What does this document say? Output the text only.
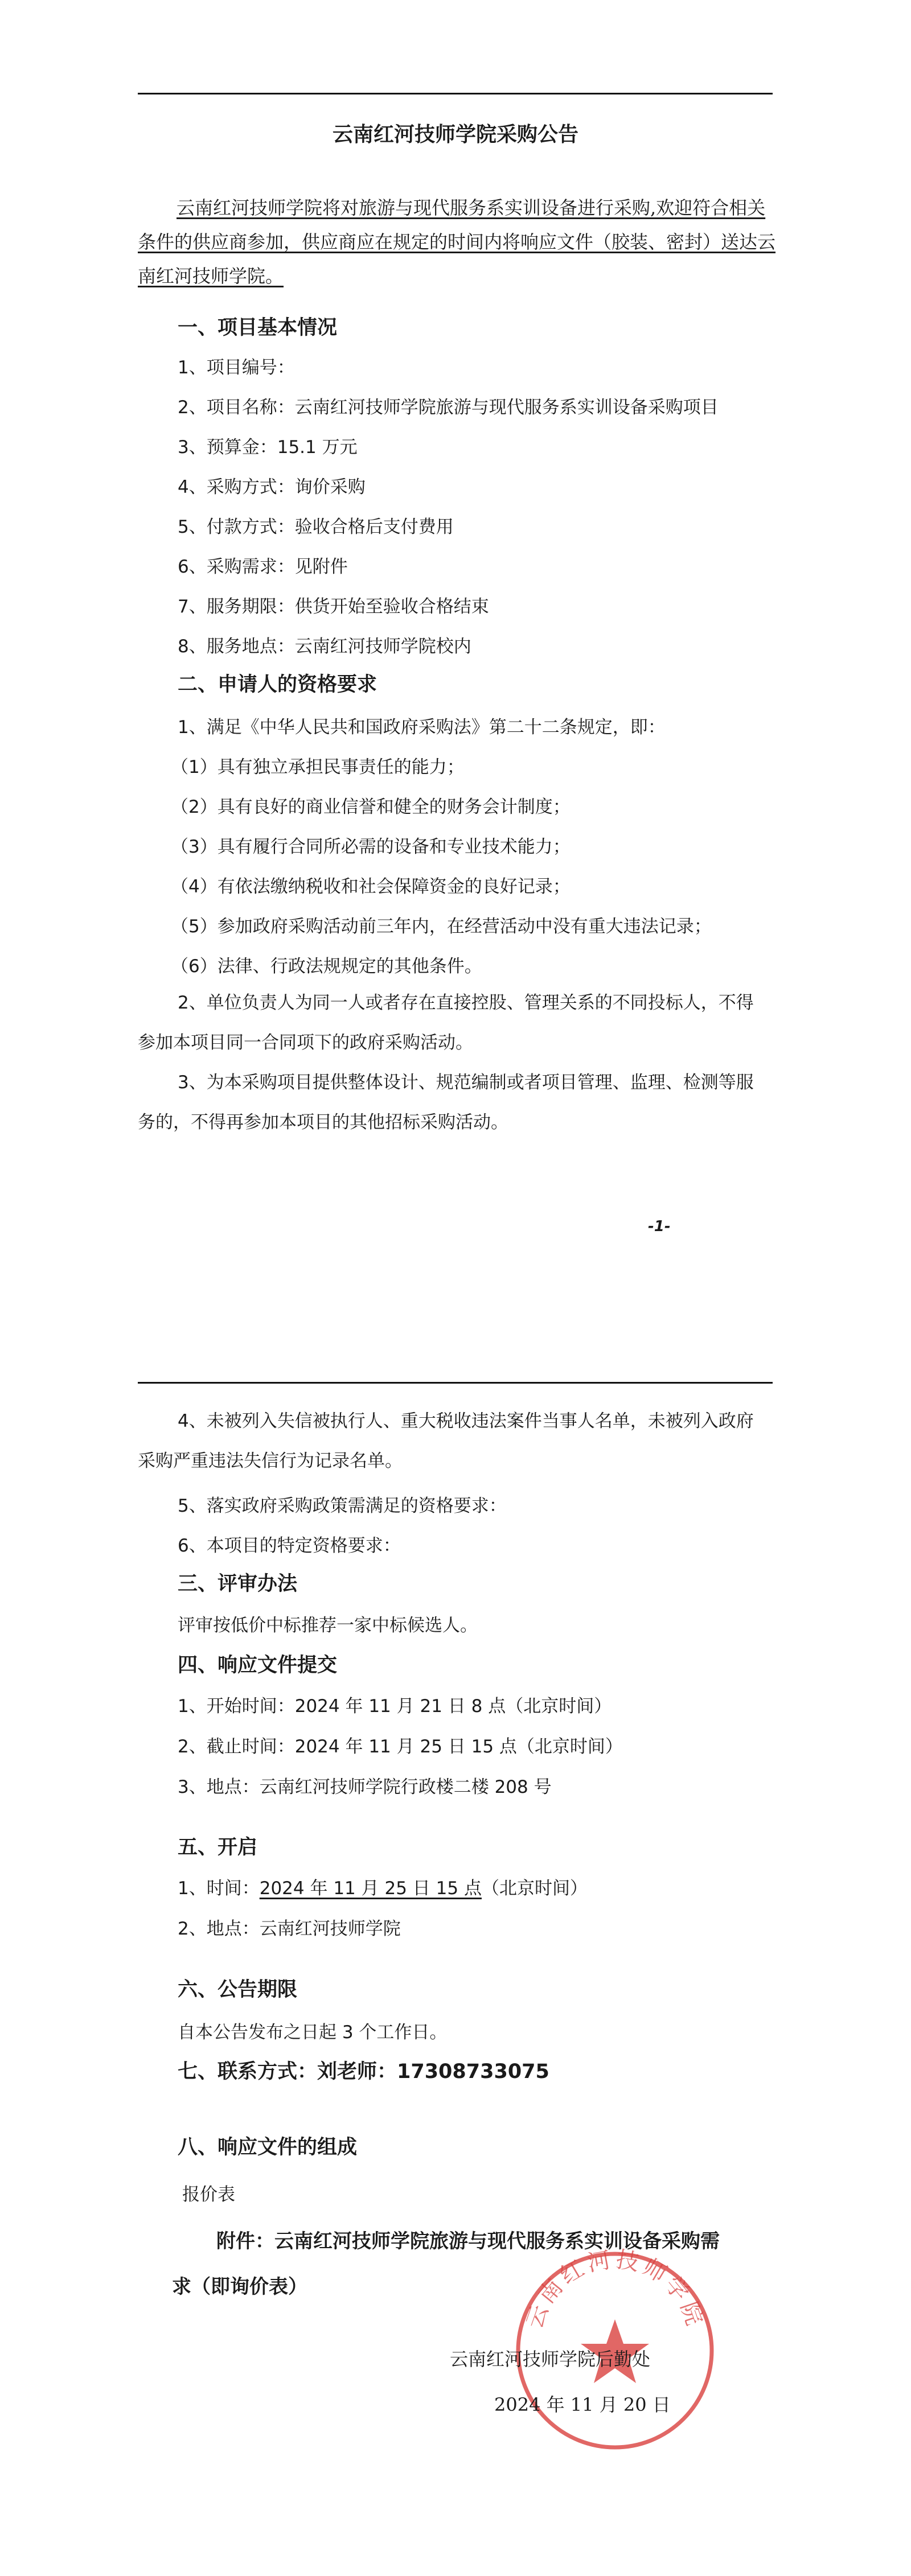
云南红河技师学院采购公告
云南红河技师学院将对旅游与现代服务系实训设备进行采购,欢迎符合相关
条件的供应商参加，供应商应在规定的时间内将响应文件（胶装、密封）送达云
南红河技师学院。
一、项目基本情况
1、项目编号：
2、项目名称：云南红河技师学院旅游与现代服务系实训设备采购项目
3、预算金：15.1 万元
4、采购方式：询价采购
5、付款方式：验收合格后支付费用
6、采购需求：见附件
7、服务期限：供货开始至验收合格结束
8、服务地点：云南红河技师学院校内
二、申请人的资格要求
1、满足《中华人民共和国政府采购法》第二十二条规定，即：
（1）具有独立承担民事责任的能力；
（2）具有良好的商业信誉和健全的财务会计制度；
（3）具有履行合同所必需的设备和专业技术能力；
（4）有依法缴纳税收和社会保障资金的良好记录；
（5）参加政府采购活动前三年内，在经营活动中没有重大违法记录；
（6）法律、行政法规规定的其他条件。
2、单位负责人为同一人或者存在直接控股、管理关系的不同投标人，不得
参加本项目同一合同项下的政府采购活动。
3、为本采购项目提供整体设计、规范编制或者项目管理、监理、检测等服
务的，不得再参加本项目的其他招标采购活动。
-1-
4、未被列入失信被执行人、重大税收违法案件当事人名单，未被列入政府
采购严重违法失信行为记录名单。
5、落实政府采购政策需满足的资格要求：
6、本项目的特定资格要求：
三、评审办法
评审按低价中标推荐一家中标候选人。
四、响应文件提交
1、开始时间：2024 年 11 月 21 日 8 点（北京时间）
2、截止时间：2024 年 11 月 25 日 15 点（北京时间）
3、地点：云南红河技师学院行政楼二楼 208 号
五、开启
1、时间：2024 年 11 月 25 日 15 点（北京时间）
2、地点：云南红河技师学院
六、公告期限
自本公告发布之日起 3 个工作日。
七、联系方式：刘老师：17308733075
八、响应文件的组成
报价表
附件：云南红河技师学院旅游与现代服务系实训设备采购需
求（即询价表）
云南红河技师学院
云南红河技师学院后勤处
2024 年 11 月 20 日
